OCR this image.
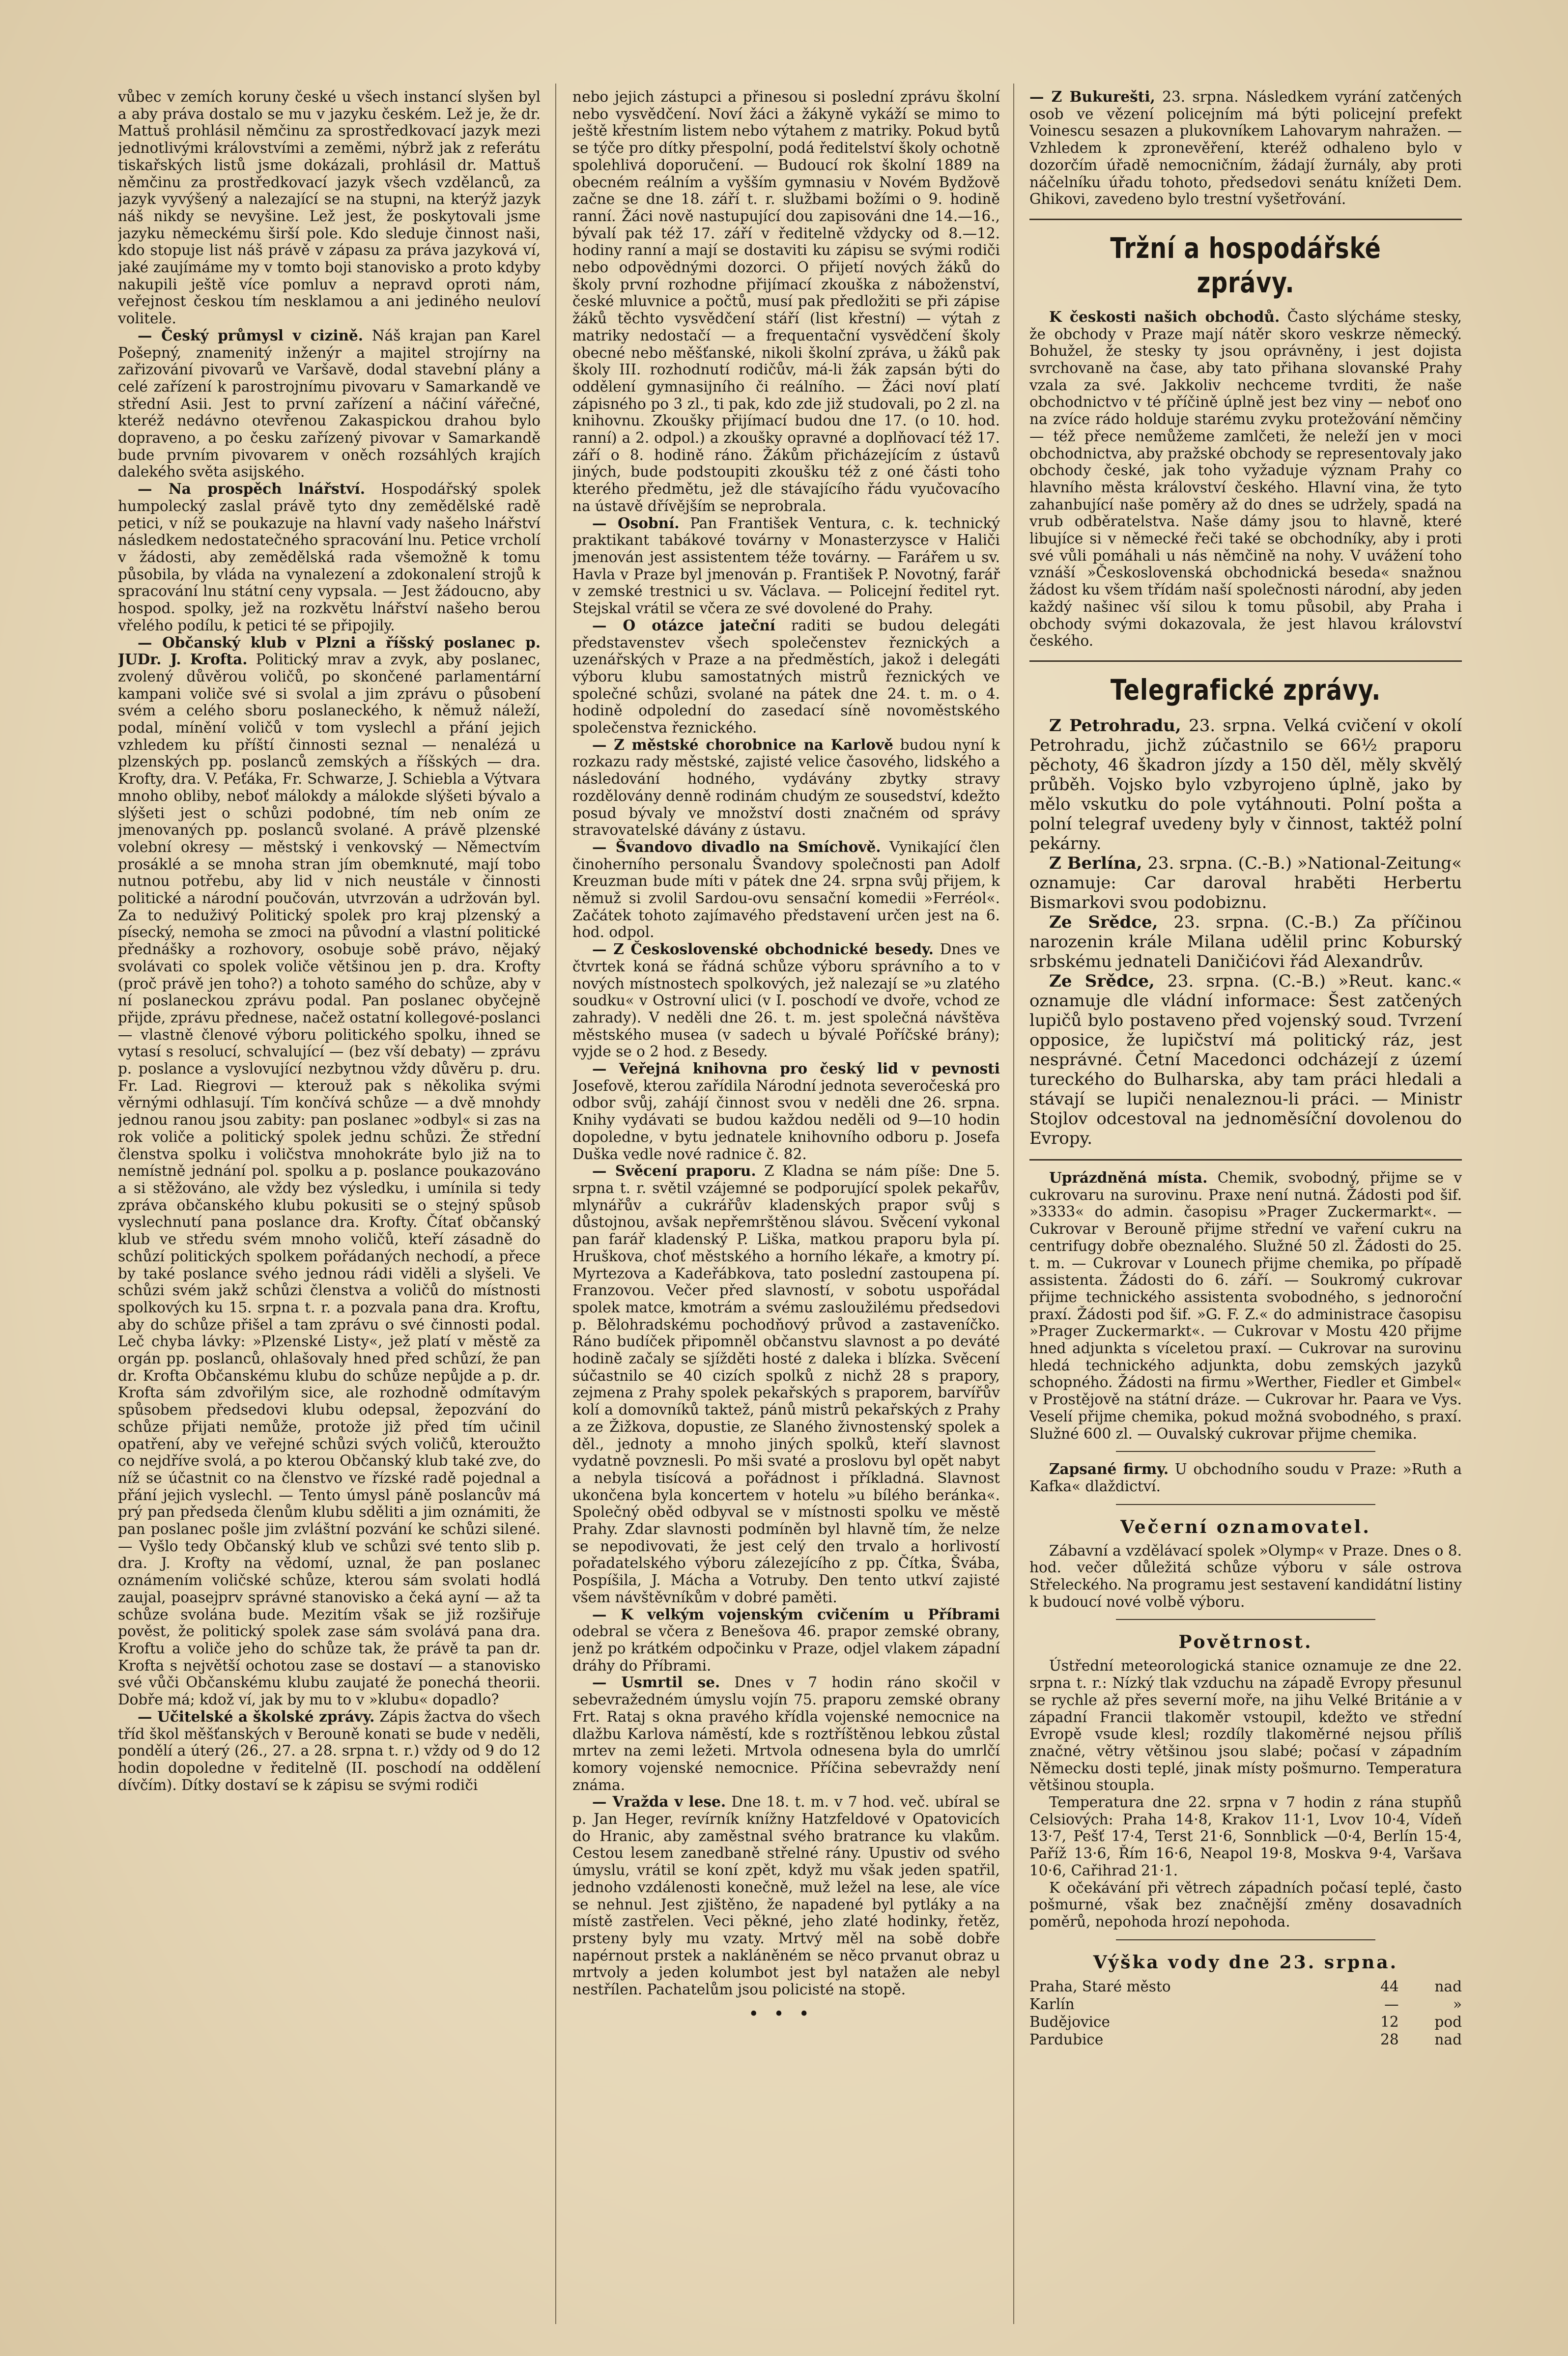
vůbec v zemích koruny české u všech instancí slyšen byl a aby práva dostalo se mu v jazyku českém. Lež je, že dr. Mattuš prohlásil němčinu za sprostředkovací jazyk mezi jednotlivými královstvími a zeměmi, nýbrž jak z referátu tiskařských listů jsme dokázali, prohlásil dr. Mattuš němčinu za prostředkovací jazyk všech vzdělanců, za jazyk vyvýšený a nalezající se na stupni, na kterýž jazyk náš nikdy se nevyšine. Lež jest, že poskytovali jsme jazyku německému širší pole. Kdo sleduje činnost naši, kdo stopuje list náš právě v zápasu za práva jazyková ví, jaké zaujímáme my v tomto boji stanovisko a proto kdyby nakupili ještě více pomluv a nepravd oproti nám, veřejnost českou tím nesklamou a ani jediného neuloví volitele.

— Český průmysl v cizině. Náš krajan pan Karel Pošepný, znamenitý inženýr a majitel strojírny na zařizování pivovarů ve Varšavě, dodal stavební plány a celé zařízení k parostrojnímu pivovaru v Samarkandě ve střední Asii. Jest to první zařízení a náčiní vářečné, kteréž nedávno otevřenou Zakaspickou drahou bylo dopraveno, a po česku zařízený pivovar v Samarkandě bude prvním pivovarem v oněch rozsáhlých krajích dalekého světa asijského.

— Na prospěch lnářství. Hospodářský spolek humpolecký zaslal právě tyto dny zemědělské radě petici, v níž se poukazuje na hlavní vady našeho lnářství následkem nedostatečného spracování lnu. Petice vrcholí v žádosti, aby zemědělská rada všemožně k tomu působila, by vláda na vynalezení a zdokonalení strojů k spracování lnu státní ceny vypsala. — Jest žádoucno, aby hospod. spolky, jež na rozkvětu lnářství našeho berou vřelého podílu, k petici té se připojily.

— Občanský klub v Plzni a říšský poslanec p. JUDr. J. Krofta. Politický mrav a zvyk, aby poslanec, zvolený důvěrou voličů, po skončené parlamentární kampani voliče své si svolal a jim zprávu o působení svém a celého sboru poslaneckého, k němuž náleží, podal, mínění voličů v tom vyslechl a přání jejich vzhledem ku příští činnosti seznal — nenalézá u plzenských pp. poslanců zemských a říšských — dra. Krofty, dra. V. Peťáka, Fr. Schwarze, J. Schiebla a Výtvara mnoho obliby, neboť málokdy a málokde slýšeti bývalo a slýšeti jest o schůzi podobné, tím neb oním ze jmenovaných pp. poslanců svolané. A právě plzenské volební okresy — městský i venkovský — Němectvím prosáklé a se mnoha stran jím obemknuté, mají tobo nutnou potřebu, aby lid v nich neustále v činnosti politické a národní poučován, utvrzován a udržován byl. Za to neduživý Politický spolek pro kraj plzenský a písecký, nemoha se zmoci na původní a vlastní politické přednášky a rozhovory, osobuje sobě právo, nějaký svolávati co spolek voliče většinou jen p. dra. Krofty (proč právě jen toho?) a tohoto samého do schůze, aby v ní poslaneckou zprávu podal. Pan poslanec obyčejně přijde, zprávu přednese, načež ostatní kollegové-poslanci — vlastně členové výboru politického spolku, ihned se vytasí s resolucí, schvalující — (bez vší debaty) — zprávu p. poslance a vyslovující nezbytnou vždy důvěru p. dru. Fr. Lad. Riegrovi — kterouž pak s několika svými věrnými odhlasují. Tím končívá schůze — a dvě mnohdy jednou ranou jsou zabity: pan poslanec »odbyl« si zas na rok voliče a politický spolek jednu schůzi. Že střední členstva spolku i voličstva mnohokráte bylo již na to nemístně jednání pol. spolku a p. poslance poukazováno a si stěžováno, ale vždy bez výsledku, i umínila si tedy zpráva občanského klubu pokusiti se o stejný spůsob vyslechnutí pana poslance dra. Krofty. Čítať občanský klub ve středu svém mnoho voličů, kteří zásadně do schůzí politických spolkem pořádaných nechodí, a přece by také poslance svého jednou rádi viděli a slyšeli. Ve schůzi svém jakž schůzi členstva a voličů do místnosti spolkových ku 15. srpna t. r. a pozvala pana dra. Kroftu, aby do schůze přišel a tam zprávu o své činnosti podal. Leč chyba lávky: »Plzenské Listy«, jež platí v městě za orgán pp. poslanců, ohlašovaly hned před schůzí, že pan dr. Krofta Občanskému klubu do schůze nepůjde a p. dr. Krofta sám zdvořilým sice, ale rozhodně odmítavým spůsobem předsedovi klubu odepsal, žepozvání do schůze přijati nemůže, protože již před tím učinil opatření, aby ve veřejné schůzi svých voličů, kteroužto co nejdříve svolá, a po kterou Občanský klub také zve, do níž se účastnit co na členstvo ve řízské radě pojednal a přání jejich vyslechl. — Tento úmysl páně poslancův má prý pan předseda členům klubu sděliti a jim oznámiti, že pan poslanec pošle jim zvláštní pozvání ke schůzi silené. — Vyšlo tedy Občanský klub ve schůzi své tento slib p. dra. J. Krofty na vědomí, uznal, že pan poslanec oznámením voličské schůze, kterou sám svolati hodlá zaujal, poasejprv správné stanovisko a čeká ayní — až ta schůze svolána bude. Mezitím však se již rozšiřuje pověst, že politický spolek zase sám svolává pana dra. Kroftu a voliče jeho do schůze tak, že právě ta pan dr. Krofta s největší ochotou zase se dostaví — a stanovisko své vůči Občanskému klubu zaujaté že ponechá theorii. Dobře má; kdož ví, jak by mu to v »klubu« dopadlo?

— Učitelské a školské zprávy. Zápis žactva do všech tříd škol měšťanských v Berouně konati se bude v neděli, pondělí a úterý (26., 27. a 28. srpna t. r.) vždy od 9 do 12 hodin dopoledne v ředitelně (II. poschodí na oddělení dívčím). Dítky dostaví se k zápisu se svými rodiči

nebo jejich zástupci a přinesou si poslední zprávu školní nebo vysvědčení. Noví žáci a žákyně vykáží se mimo to ještě křestním listem nebo výtahem z matriky. Pokud bytů se týče pro dítky přespolní, podá ředitelství školy ochotně spolehlivá doporučení. — Budoucí rok školní 1889 na obecném reálním a vyšším gymnasiu v Novém Bydžově začne se dne 18. září t. r. službami božími o 9. hodině ranní. Žáci nově nastupující dou zapisováni dne 14.—16., bývalí pak též 17. září v ředitelně vždycky od 8.—12. hodiny ranní a mají se dostaviti ku zápisu se svými rodiči nebo odpovědnými dozorci. O přijetí nových žáků do školy první rozhodne přijímací zkouška z náboženství, české mluvnice a počtů, musí pak předložiti se při zápise žáků těchto vysvědčení stáří (list křestní) — výtah z matriky nedostačí — a frequentační vysvědčení školy obecné nebo měšťanské, nikoli školní zpráva, u žáků pak školy III. rozhodnutí rodičův, má-li žák zapsán býti do oddělení gymnasijního či reálního. — Žáci noví platí zápisného po 3 zl., ti pak, kdo zde již studovali, po 2 zl. na knihovnu. Zkoušky přijímací budou dne 17. (o 10. hod. ranní) a 2. odpol.) a zkoušky opravné a doplňovací též 17. září o 8. hodině ráno. Žákům přicházejícím z ústavů jiných, bude podstoupiti zkoušku též z oné části toho kterého předmětu, jež dle stávajícího řádu vyučovacího na ústavě dřívějším se neprobrala.

— Osobní. Pan František Ventura, c. k. technický praktikant tabákové továrny v Monasterzysce v Haliči jmenován jest assistentem téže továrny. — Farářem u sv. Havla v Praze byl jmenován p. František P. Novotný, farář v zemské trestnici u sv. Václava. — Policejní ředitel ryt. Stejskal vrátil se včera ze své dovolené do Prahy.

— O otázce jateční raditi se budou delegáti představenstev všech společenstev řeznických a uzenářských v Praze a na předměstích, jakož i delegáti výboru klubu samostatných mistrů řeznických ve společné schůzi, svolané na pátek dne 24. t. m. o 4. hodině odpolední do zasedací síně novoměstského společenstva řeznického.

— Z městské chorobnice na Karlově budou nyní k rozkazu rady městské, zajisté velice časového, lidského a následování hodného, vydávány zbytky stravy rozdělovány denně rodinám chudým ze sousedství, kdežto posud bývaly ve množství dosti značném od správy stravovatelské dávány z ústavu.

— Švandovo divadlo na Smíchově. Vynikající člen činoherního personalu Švandovy společnosti pan Adolf Kreuzman bude míti v pátek dne 24. srpna svůj přijem, k němuž si zvolil Sardou-ovu sensační komedii »Ferréol«. Začátek tohoto zajímavého představení určen jest na 6. hod. odpol.

— Z Československé obchodnické besedy. Dnes ve čtvrtek koná se řádná schůze výboru správního a to v nových místnostech spolkových, jež nalezají se »u zlatého soudku« v Ostrovní ulici (v I. poschodí ve dvoře, vchod ze zahrady). V neděli dne 26. t. m. jest společná návštěva městského musea (v sadech u bývalé Poříčské brány); vyjde se o 2 hod. z Besedy.

— Veřejná knihovna pro český lid v pevnosti Josefově, kterou zařídila Národní jednota severočeská pro odbor svůj, zahájí činnost svou v neděli dne 26. srpna. Knihy vydávati se budou každou neděli od 9—10 hodin dopoledne, v bytu jednatele knihovního odboru p. Josefa Duška vedle nové radnice č. 82.

— Svěcení praporu. Z Kladna se nám píše: Dne 5. srpna t. r. světil vzájemné se podporující spolek pekařův, mlynářův a cukrářův kladenských prapor svůj s důstojnou, avšak nepřemrštěnou slávou. Svěcení vykonal pan farář kladenský P. Liška, matkou praporu byla pí. Hruškova, choť městského a horního lékaře, a kmotry pí. Myrtezova a Kadeřábkova, tato poslední zastoupena pí. Franzovou. Večer před slavností, v sobotu uspořádal spolek matce, kmotrám a svému zasloužilému předsedovi p. Bělohradskému pochodňový průvod a zastaveníčko. Ráno budíček připomněl občanstvu slavnost a po deváté hodině začaly se sjížděti hosté z dalekа i blízka. Svěcení súčastnilo se 40 cizích spolků z nichž 28 s prapory, zejmena z Prahy spolek pekařských s praporem, barvířův kolí a domovníků taktež, pánů mistrů pekařských z Prahy a ze Žižkova, dopustie, ze Slaného živnostenský spolek a děl., jednoty a mnoho jiných spolků, kteří slavnost vydatně povznesli. Po mši svaté a proslovu byl opět nabyt a nebyla tisícová a pořádnost i příkladná. Slavnost ukončena byla koncertem v hotelu »u bílého beránka«. Společný oběd odbyval se v místnosti spolku ve městě Prahy. Zdar slavnosti podmíněn byl hlavně tím, že nelze se nepodivovati, že jest celý den trvalo a horlivostí pořadatelského výboru zálezejícího z pp. Čítka, Švába, Pospíšila, J. Mácha a Votruby. Den tento utkví zajisté všem návštěvníkům v dobré paměti.

— K velkým vojenským cvičením u Příbrami odebral se včera z Benešova 46. prapor zemské obrany, jenž po krátkém odpočinku v Praze, odjel vlakem západní dráhy do Příbrami.

— Usmrtil se. Dnes v 7 hodin ráno skočil v sebevražedném úmyslu vojín 75. praporu zemské obrany Frt. Rataj s okna pravého křídla vojenské nemocnice na dlažbu Karlova náměstí, kde s roztříštěnou lebkou zůstal mrtev na zemi ležeti. Mrtvola odnesena byla do umrlčí komory vojenské nemocnice. Příčina sebevraždy není známa.

— Vražda v lese. Dne 18. t. m. v 7 hod. več. ubíral se p. Jan Heger, revírník knížny Hatzfeldové v Opatovicích do Hranic, aby zaměstnal svého bratrance ku vlakům. Cestou lesem zanedbaně střelné rány. Upustiv od svého úmyslu, vrátil se koní zpět, když mu však jeden spatřil, jednoho vzdálenosti konečně, muž ležel na lese, ale více se nehnul. Jest zjištěno, že napadené byl pytláky a na místě zastřelen. Veci pěkné, jeho zlaté hodinky, řetěz, prsteny byly mu vzaty. Mrtvý měl na sobě dobře napérnout prstek a nakláněném se něco prvanut obraz u mrtvoly a jeden kolumbot jest byl natažen ale nebyl nestřílen. Pachatelům jsou policisté na stopě.

•••

— Z Bukurešti, 23. srpna. Následkem vyrání zatčených osob ve vězení policejním má býti policejní prefekt Voinescu sesazen a plukovníkem Lahovarym nahražen. — Vzhledem k zpronevěření, kteréž odhaleno bylo v dozorčím úřadě nemocničním, žádají žurnály, aby proti náčelníku úřadu tohoto, předsedovi senátu knížeti Dem. Ghikovi, zavedeno bylo trestní vyšetřování.

Tržní a hospodářské zprávy.

K českosti našich obchodů. Často slýcháme stesky, že obchody v Praze mají nátěr skoro veskrze německý. Bohužel, že stesky ty jsou oprávněny, i jest dojista svrchovaně na čase, aby tato přihana slovanské Prahy vzala za své. Jakkoliv nechceme tvrditi, že naše obchodnictvo v té příčině úplně jest bez viny — neboť ono na zvíce rádo holduje starému zvyku protežování němčiny — též přece nemůžeme zamlčeti, že neleží jen v moci obchodnictva, aby pražské obchody se representovaly jako obchody české, jak toho vyžaduje význam Prahy co hlavního města království českého. Hlavní vina, že tyto zahanbující naše poměry až do dnes se udržely, spadá na vrub odběratelstva. Naše dámy jsou to hlavně, které libujíce si v německé řeči také se obchodníky, aby i proti své vůli pomáhali u nás němčině na nohy. V uvážení toho vznáší »Československá obchodnická beseda« snažnou žádost ku všem třídám naší společnosti národní, aby jeden každý našinec vší silou k tomu působil, aby Praha i obchody svými dokazovala, že jest hlavou království českého.

Telegrafické zprávy.

Z Petrohradu, 23. srpna. Velká cvičení v okolí Petrohradu, jichž zúčastnilo se 66½ praporu pěchoty, 46 škadron jízdy a 150 děl, měly skvělý průběh. Vojsko bylo vzbyrojeno úplně, jako by mělo vskutku do pole vytáhnouti. Polní pošta a polní telegraf uvedeny byly v činnost, taktéž polní pekárny.

Z Berlína, 23. srpna. (C.-B.) »National-Zeitung« oznamuje: Car daroval hraběti Herbertu Bismarkovi svou podobiznu.

Ze Srědce, 23. srpna. (C.-B.) Za příčinou narozenin krále Milana udělil princ Koburský srbskému jednateli Daničićovi řád Alexandrův.

Ze Srědce, 23. srpna. (C.-B.) »Reut. kanc.« oznamuje dle vládní informace: Šest zatčených lupičů bylo postaveno před vojenský soud. Tvrzení opposice, že lupičství má politický ráz, jest nesprávné. Četní Macedonci odcházejí z území tureckého do Bulharska, aby tam práci hledali a stávají se lupiči nenaleznou-li práci. — Ministr Stojlov odcestoval na jednoměsíční dovolenou do Evropy.

Uprázdněná místa. Chemik, svobodný, přijme se v cukrovaru na surovinu. Praxe není nutná. Žádosti pod šif. »3333« do admin. časopisu »Prager Zuckermarkt«. — Cukrovar v Berouně přijme střední ve vaření cukru na centrifugy dobře obeznalého. Služné 50 zl. Žádosti do 25. t. m. — Cukrovar v Lounech přijme chemika, po případě assistenta. Žádosti do 6. září. — Soukromý cukrovar přijme technického assistenta svobodného, s jednoroční praxí. Žádosti pod šif. »G. F. Z.« do administrace časopisu »Prager Zuckermarkt«. — Cukrovar v Mostu 420 přijme hned adjunkta s víceletou praxí. — Cukrovar na surovinu hledá technického adjunkta, dobu zemských jazyků schopného. Žádosti na firmu »Werther, Fiedler et Gimbel« v Prostějově na státní dráze. — Cukrovar hr. Paara ve Vys. Veselí přijme chemika, pokud možná svobodného, s praxí. Služné 600 zl. — Ouvalský cukrovar přijme chemika.

Zapsané firmy. U obchodního soudu v Praze: »Ruth a Kafka« dlaždictví.

Večerní oznamovatel.

Zábavní a vzdělávací spolek »Olymp« v Praze. Dnes o 8. hod. večer důležitá schůze výboru v sále ostrova Střeleckého. Na programu jest sestavení kandidátní listiny k budoucí nové volbě výboru.

Povětrnost.

Ústřední meteorologická stanice oznamuje ze dne 22. srpna t. r.: Nízký tlak vzduchu na západě Evropy přesunul se rychle až přes severní moře, na jihu Velké Británie a v západní Francii tlakoměr vstoupil, kdežto ve střední Evropě vsude klesl; rozdíly tlakoměrné nejsou příliš značné, větry většinou jsou slabé; počasí v západním Německu dosti teplé, jinak místy pošmurno. Temperatura většinou stoupla.

Temperatura dne 22. srpna v 7 hodin z rána stupňů Celsiových: Praha 14·8, Krakov 11·1, Lvov 10·4, Vídeň 13·7, Pešť 17·4, Terst 21·6, Sonnblick —0·4, Berlín 15·4, Paříž 13·6, Řím 16·6, Neapol 19·8, Moskva 9·4, Varšava 10·6, Cařihrad 21·1.

K očekávání při větrech západních počasí teplé, často pošmurné, však bez značnější změny dosavadních poměrů, nepohoda hrozí nepohoda.

Výška vody dne 23. srpna.
Praha, Staré město	44	nad
Karlín	—	»
Budějovice	12	pod
Pardubice	28	nad
